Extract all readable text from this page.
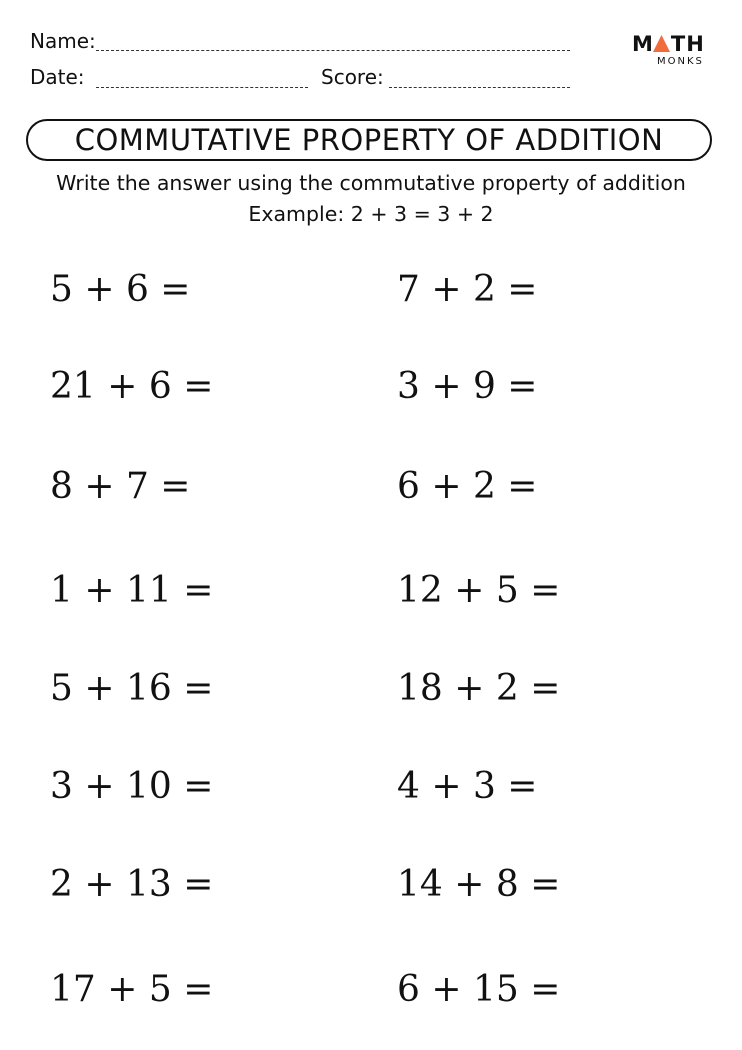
Name:
Date:	Score:
M TH
MONKS
COMMUTATIVE PROPERTY OF ADDITION
Write the answer using the commutative property of addition
Example: 2 + 3 = 3 + 2
5 + 6 =
21 + 6 =
8 + 7 =
1 + 11 =
5 + 16 =
3 + 10 =
2 + 13 =
17 + 5 =
7 + 2 =
3 + 9 =
6 + 2 =
12 + 5 =
18 + 2 =
4 + 3 =
14 + 8 =
6 + 15 =
